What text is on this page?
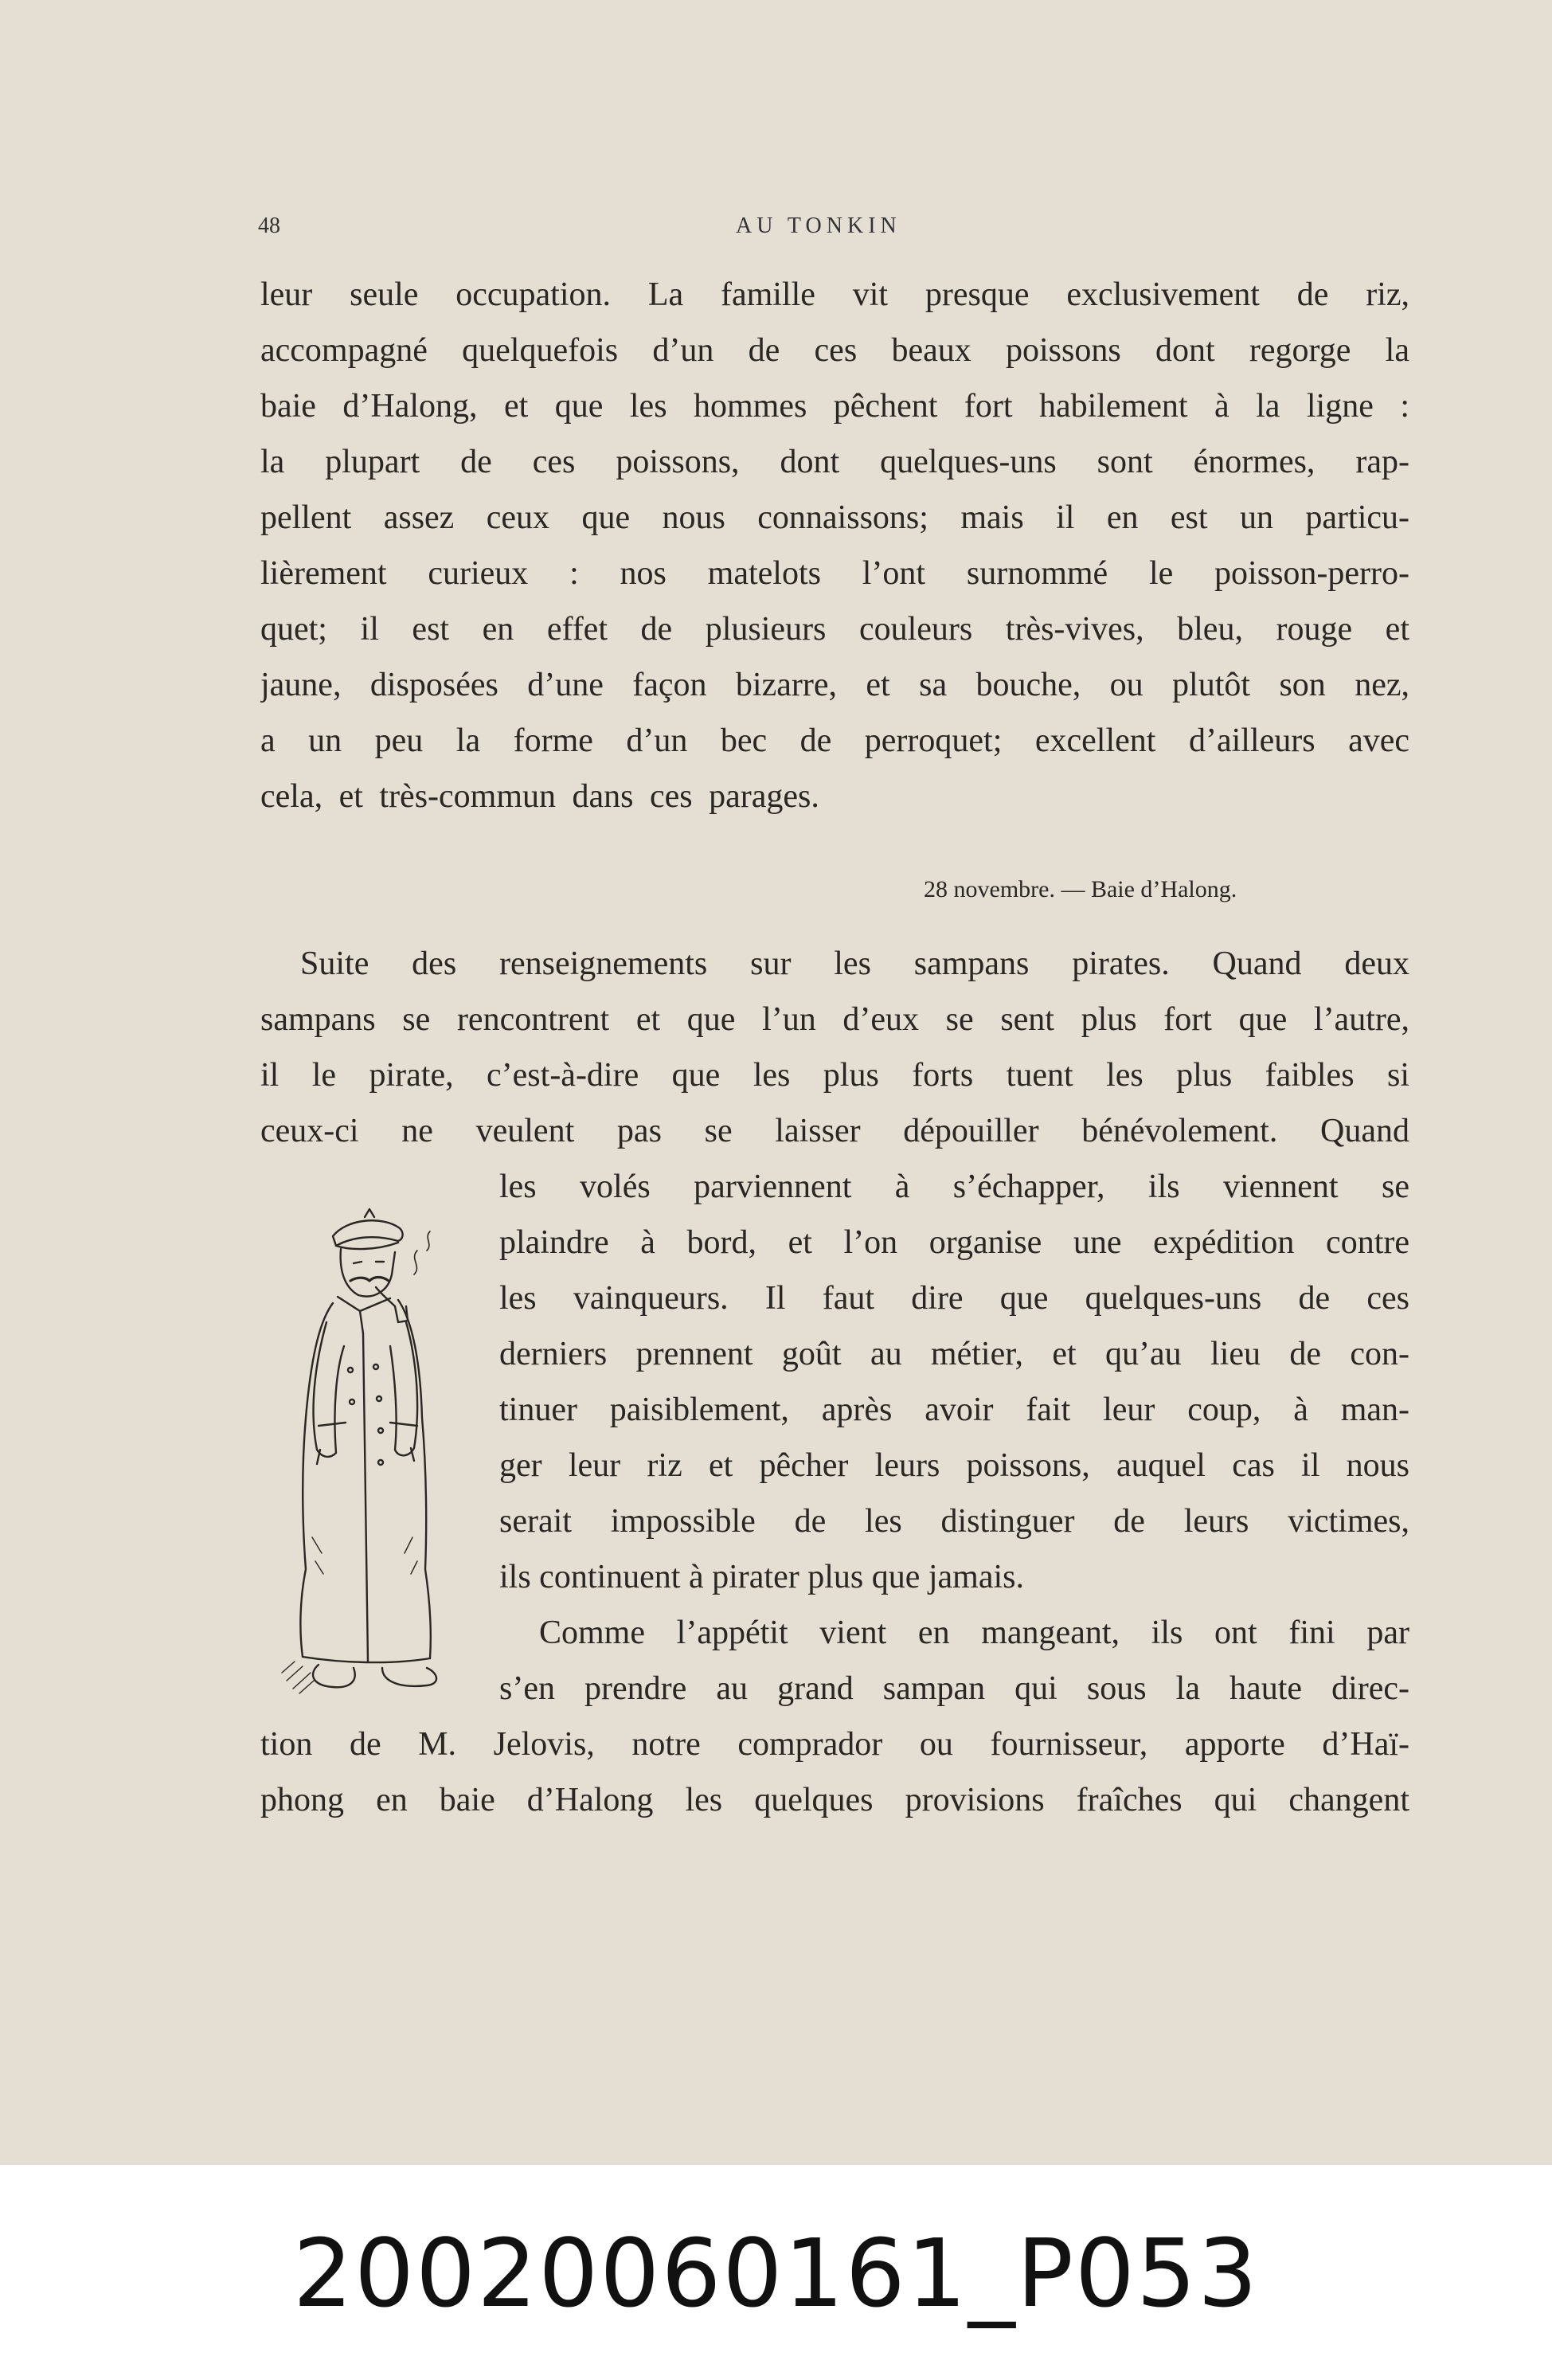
48	AU TONKIN
leur seule occupation. La famille vit presque exclusivement de riz,
accompagné quelquefois d’un de ces beaux poissons dont regorge la
baie d’Halong, et que les hommes pêchent fort habilement à la ligne :
la plupart de ces poissons, dont quelques-uns sont énormes, rap-
pellent assez ceux que nous connaissons; mais il en est un particu-
lièrement curieux : nos matelots l’ont surnommé le poisson-perro-
quet; il est en effet de plusieurs couleurs très-vives, bleu, rouge et
jaune, disposées d’une façon bizarre, et sa bouche, ou plutôt son nez,
a un peu la forme d’un bec de perroquet; excellent d’ailleurs avec
cela, et très-commun dans ces parages.
28 novembre. — Baie d’Halong.
Suite des renseignements sur les sampans pirates. Quand deux
sampans se rencontrent et que l’un d’eux se sent plus fort que l’autre,
il le pirate, c’est-à-dire que les plus forts tuent les plus faibles si
ceux-ci ne veulent pas se laisser dépouiller bénévolement. Quand
les volés parviennent à s’échapper, ils viennent se
plaindre à bord, et l’on organise une expédition contre
les vainqueurs. Il faut dire que quelques-uns de ces
derniers prennent goût au métier, et qu’au lieu de con-
tinuer paisiblement, après avoir fait leur coup, à man-
ger leur riz et pêcher leurs poissons, auquel cas il nous
serait impossible de les distinguer de leurs victimes,
ils continuent à pirater plus que jamais.
Comme l’appétit vient en mangeant, ils ont fini par
s’en prendre au grand sampan qui sous la haute direc-
tion de M. Jelovis, notre comprador ou fournisseur, apporte d’Haï-
phong en baie d’Halong les quelques provisions fraîches qui changent
20020060161_P053
